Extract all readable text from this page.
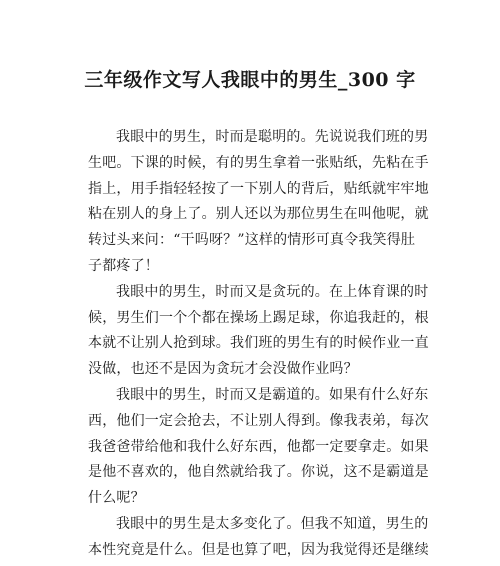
三年级作文写人我眼中的男生_300 字
我眼中的男生，时而是聪明的。先说说我们班的男
生吧。下课的时候，有的男生拿着一张贴纸，先粘在手
指上，用手指轻轻按了一下别人的背后，贴纸就牢牢地
粘在别人的身上了。别人还以为那位男生在叫他呢，就
转过头来问：“干吗呀？”这样的情形可真令我笑得肚
子都疼了！
我眼中的男生，时而又是贪玩的。在上体育课的时
候，男生们一个个都在操场上踢足球，你追我赶的，根
本就不让别人抢到球。我们班的男生有的时候作业一直
没做，也还不是因为贪玩才会没做作业吗？
我眼中的男生，时而又是霸道的。如果有什么好东
西，他们一定会抢去，不让别人得到。像我表弟，每次
我爸爸带给他和我什么好东西，他都一定要拿走。如果
是他不喜欢的，他自然就给我了。你说，这不是霸道是
什么呢？
我眼中的男生是太多变化了。但我不知道，男生的
本性究竟是什么。但是也算了吧，因为我觉得还是继续
